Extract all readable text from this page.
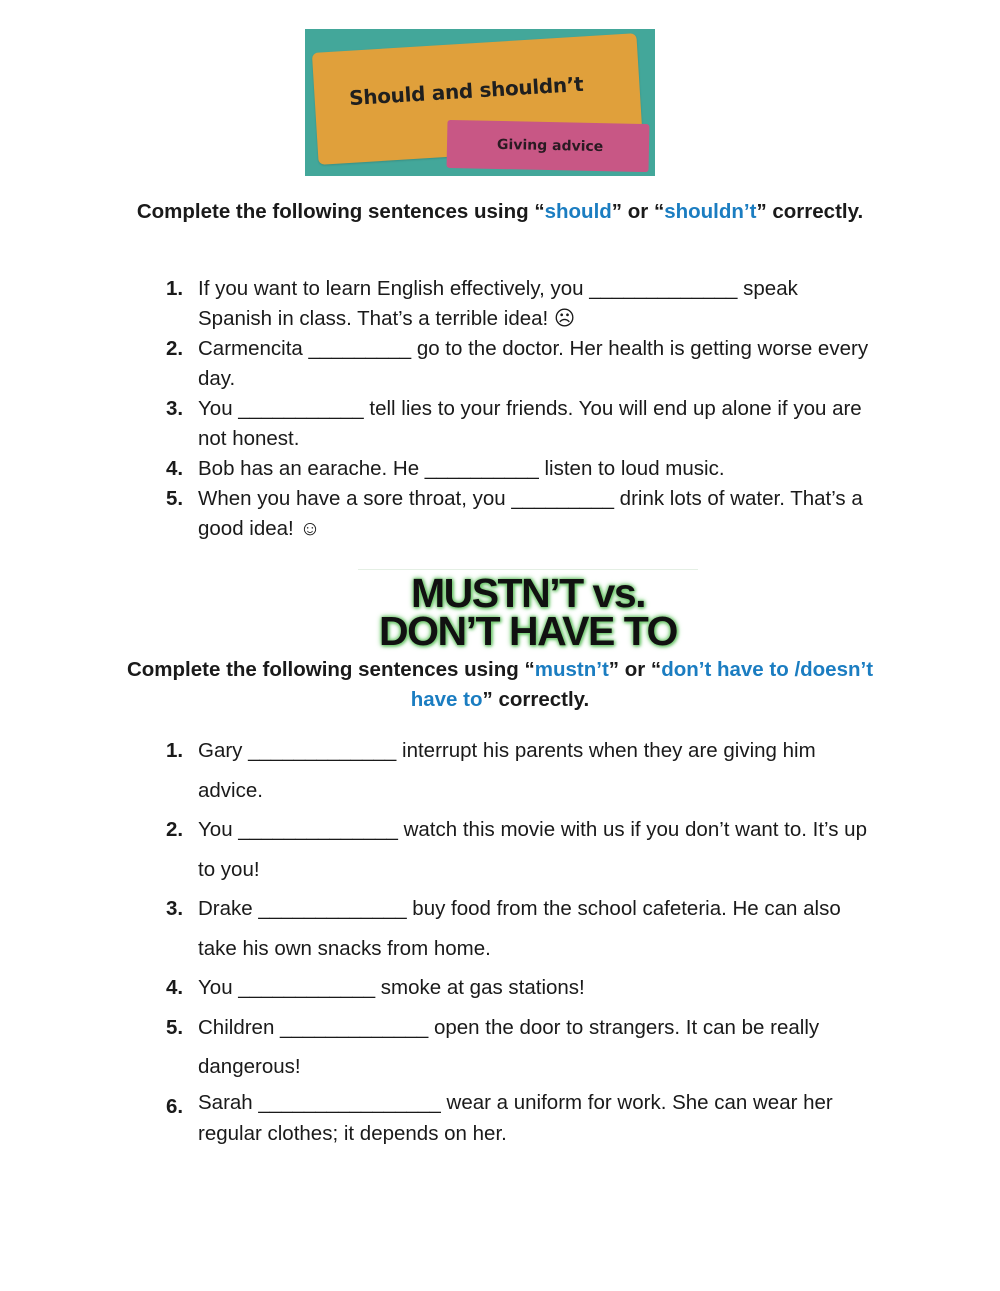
Should and shouldn’t
Giving advice
Complete the following sentences using “should” or “shouldn’t” correctly.
1. If you want to learn English effectively, you _____________ speak Spanish in class. That’s a terrible idea! ☹
2. Carmencita _________ go to the doctor. Her health is getting worse every day.
3. You ___________ tell lies to your friends. You will end up alone if you are not honest.
4. Bob has an earache. He __________ listen to loud music.
5. When you have a sore throat, you _________ drink lots of water. That’s a good idea! ☺
MUSTN’T vs.
DON’T HAVE TO
Complete the following sentences using “mustn’t” or “don’t have to /doesn’t have to” correctly.
1. Gary _____________ interrupt his parents when they are giving him advice.
2. You ______________ watch this movie with us if you don’t want to. It’s up to you!
3. Drake _____________ buy food from the school cafeteria. He can also take his own snacks from home.
4. You ____________ smoke at gas stations!
5. Children _____________ open the door to strangers. It can be really dangerous!
6. Sarah ________________ wear a uniform for work. She can wear her regular clothes; it depends on her.
